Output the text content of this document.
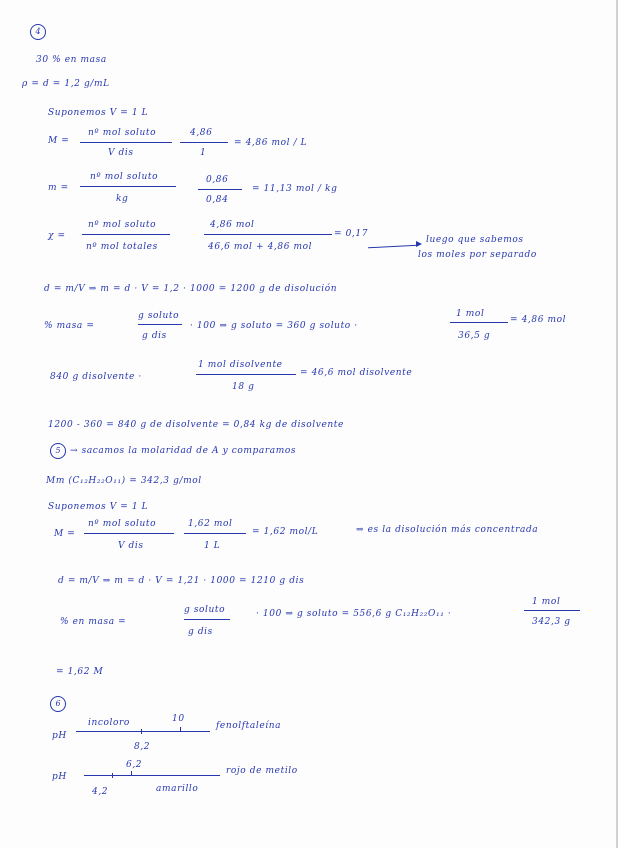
4
30 % en masa
ρ = d = 1,2 g/mL
Suponemos V = 1 L
M =
nº mol soluto
V dis
4,86
1
= 4,86 mol / L
m =
nº mol soluto
kg
0,86
0,84
= 11,13 mol / kg
χ =
nº mol soluto
nº mol totales
4,86 mol
46,6 mol + 4,86 mol
= 0,17
luego que sabemos
los moles por separado
d = m/V ⇒ m = d · V = 1,2 · 1000 = 1200 g de disolución
% masa =
g soluto
g dis
· 100 ⇒ g soluto = 360 g soluto ·
1 mol
36,5 g
= 4,86 mol
840 g disolvente ·
1 mol disolvente
18 g
= 46,6 mol disolvente
1200 - 360 = 840 g de disolvente = 0,84 kg de disolvente
5	→ sacamos la molaridad de A y comparamos
Mm (C₁₂H₂₂O₁₁) = 342,3 g/mol
Suponemos V = 1 L
M =
nº mol soluto
V dis
1,62 mol
1 L
= 1,62 mol/L	⇒ es la disolución más concentrada
d = m/V ⇒ m = d · V = 1,21 · 1000 = 1210 g dis
% en masa =
g soluto
g dis
· 100 ⇒ g soluto = 556,6 g C₁₂H₂₂O₁₁ ·
1 mol
342,3 g
= 1,62 M
6
pH
incoloro	10
8,2
fenolftaleína
pH
6,2
4,2	amarillo
rojo de metilo
